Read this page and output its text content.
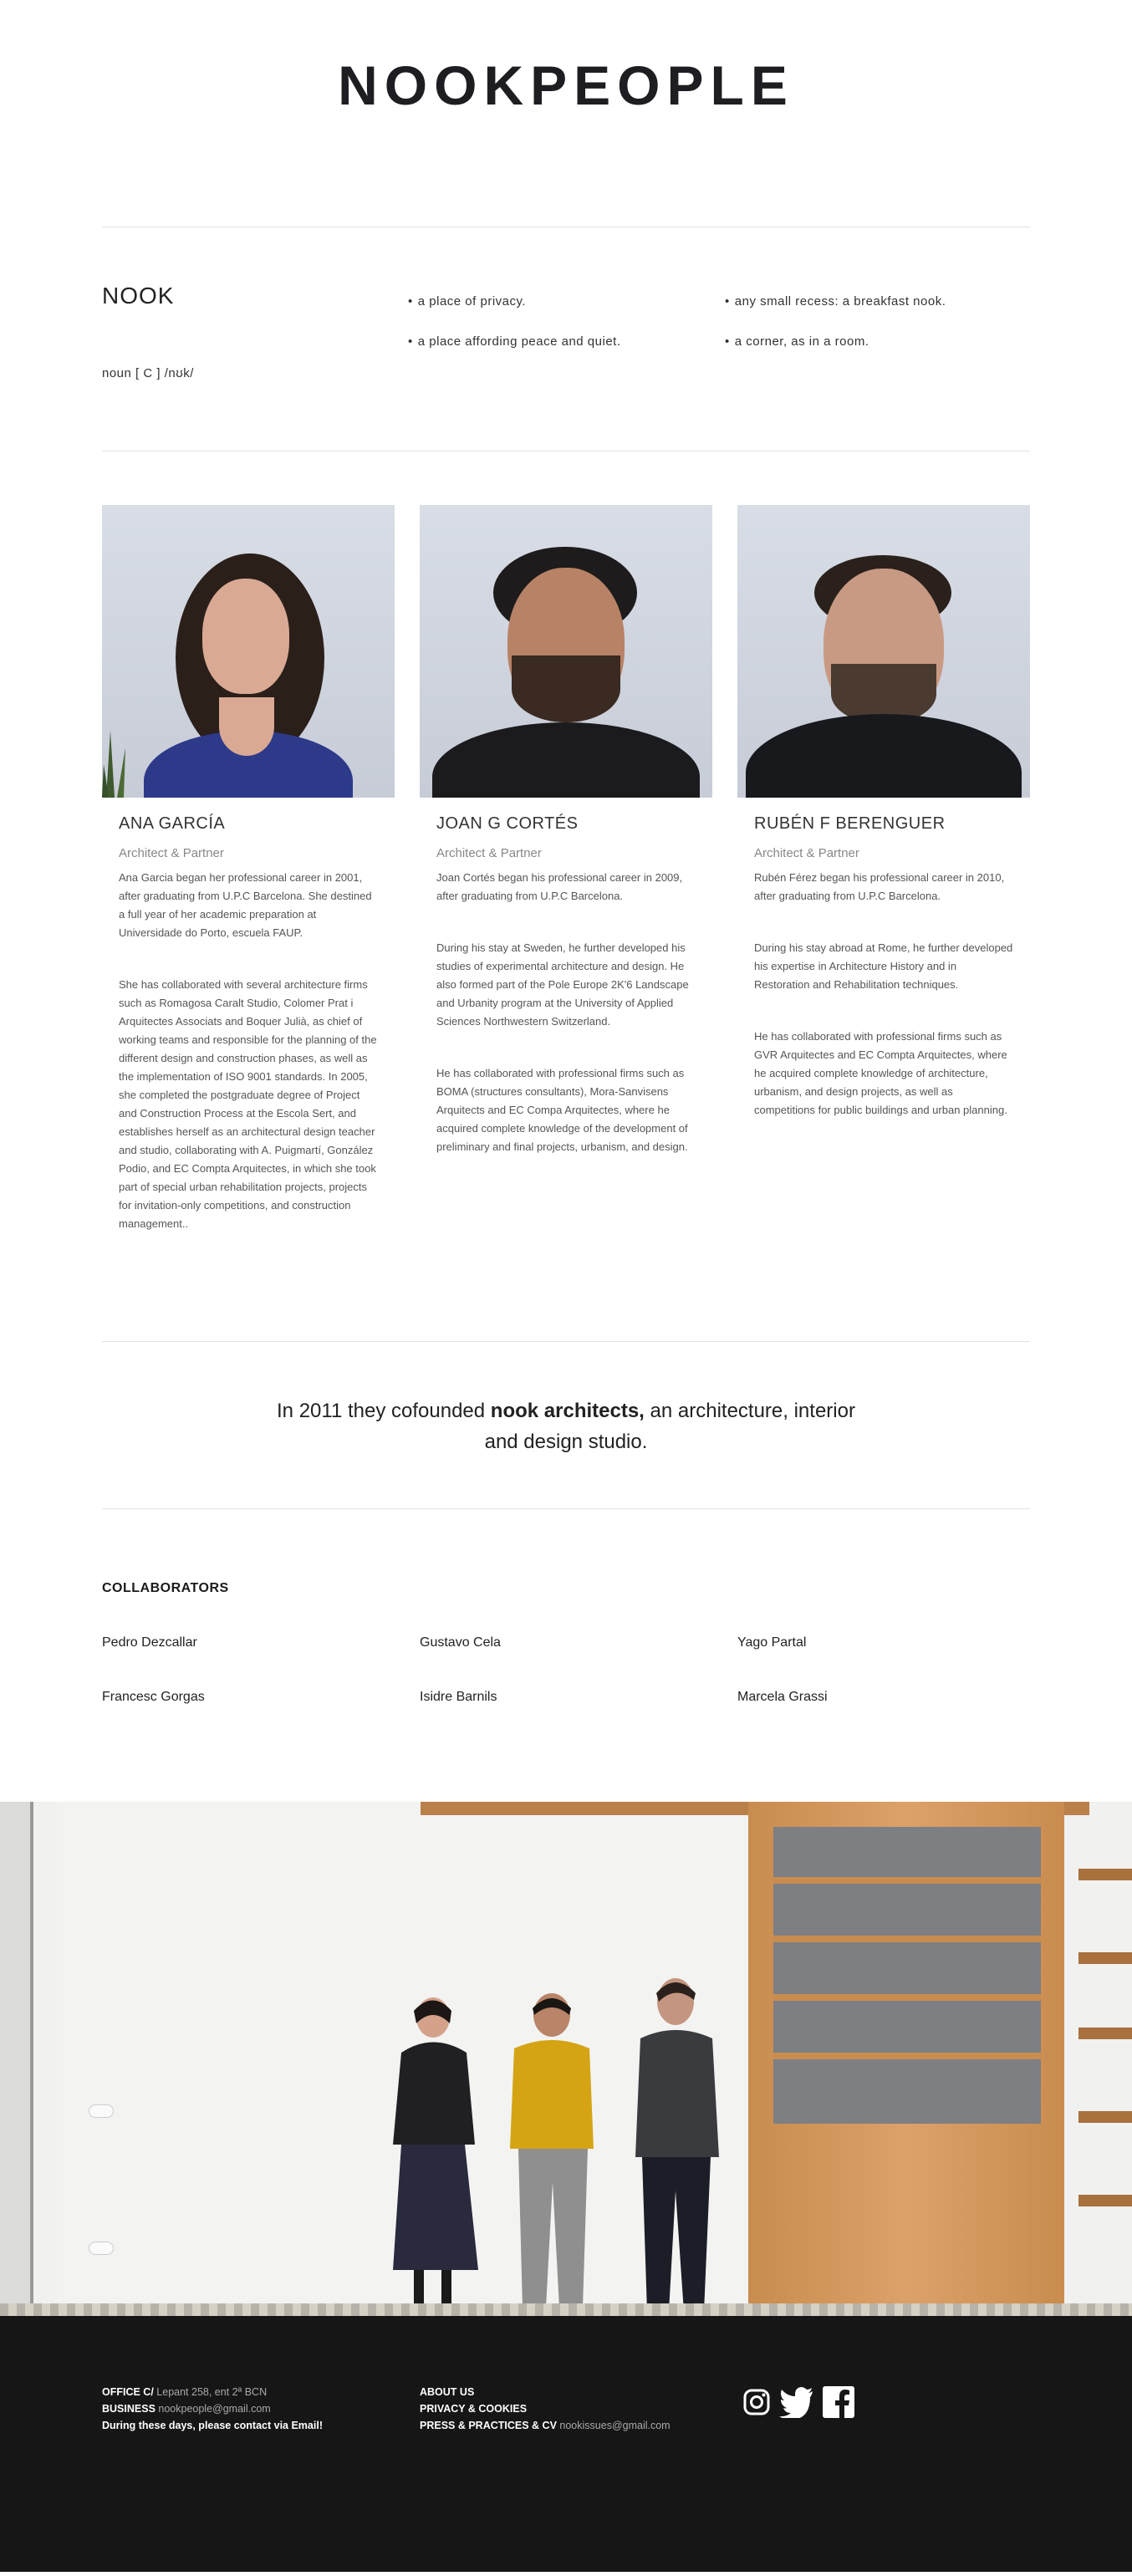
NOOKPEOPLE
NOOK
noun [ C ] /nʊk/
• a place of privacy.
• a place affording peace and quiet.
• any small recess: a breakfast nook.
• a corner, as in a room.
ANA GARCÍA
Architect & Partner

Ana Garcia began her professional career in 2001, after graduating from U.P.C Barcelona. She destined a full year of her academic preparation at Universidade do Porto, escuela FAUP.

She has collaborated with several architecture firms such as Romagosa Caralt Studio, Colomer Prat i Arquitectes Associats and Boquer Julià, as chief of working teams and responsible for the planning of the different design and construction phases, as well as the implementation of ISO 9001 standards. In 2005, she completed the postgraduate degree of Project and Construction Process at the Escola Sert, and establishes herself as an architectural design teacher and studio, collaborating with A. Puigmartí, González Podio, and EC Compta Arquitectes, in which she took part of special urban rehabilitation projects, projects for invitation-only competitions, and construction management..

JOAN G CORTÉS
Architect & Partner

Joan Cortés began his professional career in 2009, after graduating from U.P.C Barcelona.

During his stay at Sweden, he further developed his studies of experimental architecture and design. He also formed part of the Pole Europe 2K'6 Landscape and Urbanity program at the University of Applied Sciences Northwestern Switzerland.

He has collaborated with professional firms such as BOMA (structures consultants), Mora-Sanvisens Arquitects and EC Compa Arquitectes, where he acquired complete knowledge of the development of preliminary and final projects, urbanism, and design.

RUBÉN F BERENGUER
Architect & Partner

Rubén Férez began his professional career in 2010, after graduating from U.P.C Barcelona.

During his stay abroad at Rome, he further developed his expertise in Architecture History and in Restoration and Rehabilitation techniques.

He has collaborated with professional firms such as GVR Arquitectes and EC Compta Arquitectes, where he acquired complete knowledge of architecture, urbanism, and design projects, as well as competitions for public buildings and urban planning.

In 2011 they cofounded nook architects, an architecture, interior and design studio.

COLLABORATORS
Pedro Dezcallar	Gustavo Cela	Yago Partal
Francesc Gorgas	Isidre Barnils	Marcela Grassi
OFFICE C/ Lepant 258, ent 2ª BCN
BUSINESS nookpeople@gmail.com
During these days, please contact via Email!
ABOUT US
PRIVACY & COOKIES
PRESS & PRACTICES & CV nookissues@gmail.com
